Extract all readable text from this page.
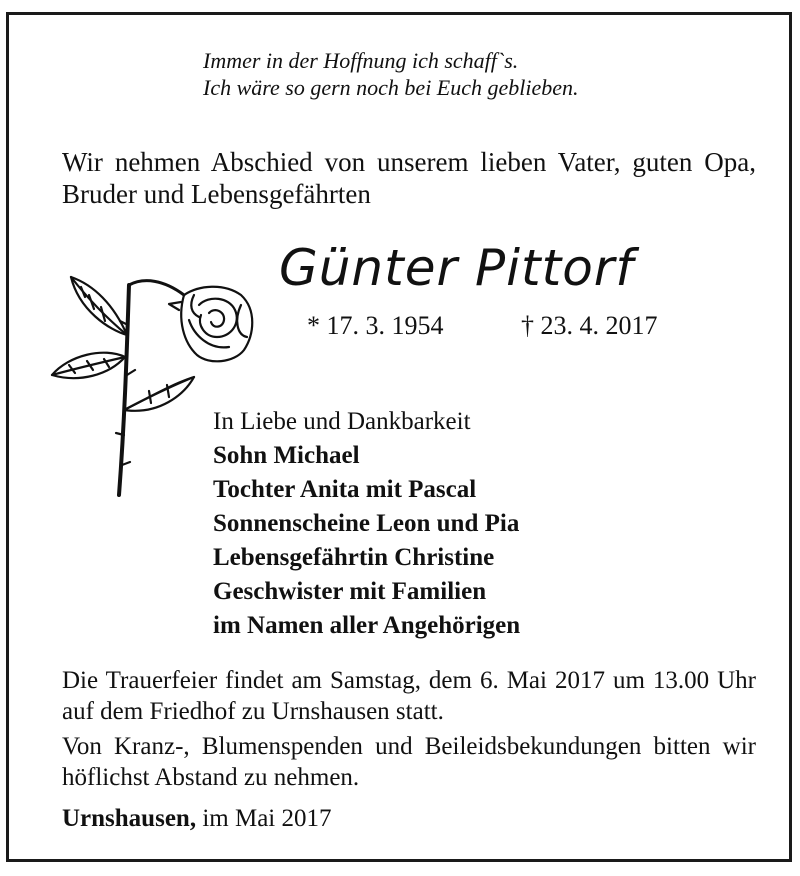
Immer in der Hoffnung ich schaff`s.
Ich wäre so gern noch bei Euch geblieben.
Wir nehmen Abschied von unserem lieben Vater, guten Opa, Bruder und Lebensgefährten
Günter Pittorf
* 17. 3. 1954	† 23. 4. 2017
In Liebe und Dankbarkeit
Sohn Michael
Tochter Anita mit Pascal
Sonnenscheine Leon und Pia
Lebensgefährtin Christine
Geschwister mit Familien
im Namen aller Angehörigen
Die Trauerfeier findet am Samstag, dem 6. Mai 2017 um 13.00 Uhr auf dem Friedhof zu Urnshausen statt.
Von Kranz-, Blumenspenden und Beileidsbekundungen bitten wir höflichst Abstand zu nehmen.
Urnshausen, im Mai 2017
